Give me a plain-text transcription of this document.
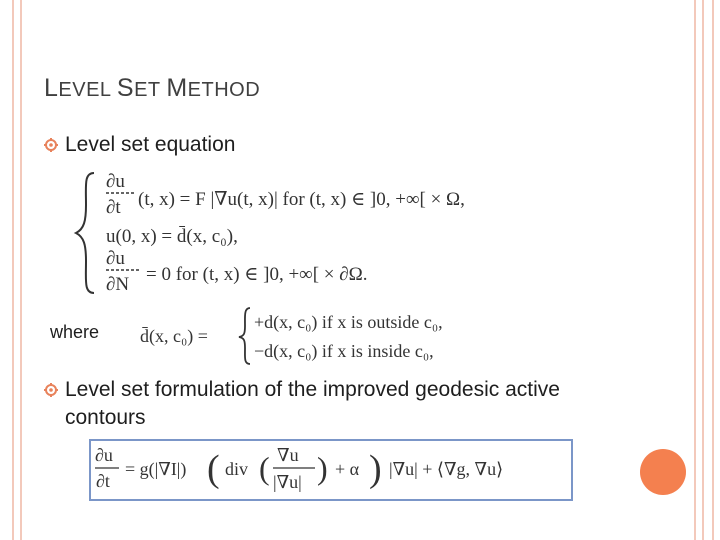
LEVEL SET METHOD
Level set equation
∂u
∂t (t, x) = F |∇u(t, x)| for (t, x) ∈ ]0, +∞[ × Ω,
u(0, x) = d̄(x, c₀),
∂u
∂N = 0 for (t, x) ∈ ]0, +∞[ × ∂Ω.
where d̄(x, c₀) =
+d(x, c₀) if x is outside c₀,
−d(x, c₀) if x is inside c₀,
Level set formulation of the improved geodesic active contours
∂u
∂t
= g(|∇I|) ( div ( ∇u
|∇u| ) + α ) |∇u| + ⟨∇g, ∇u⟩
